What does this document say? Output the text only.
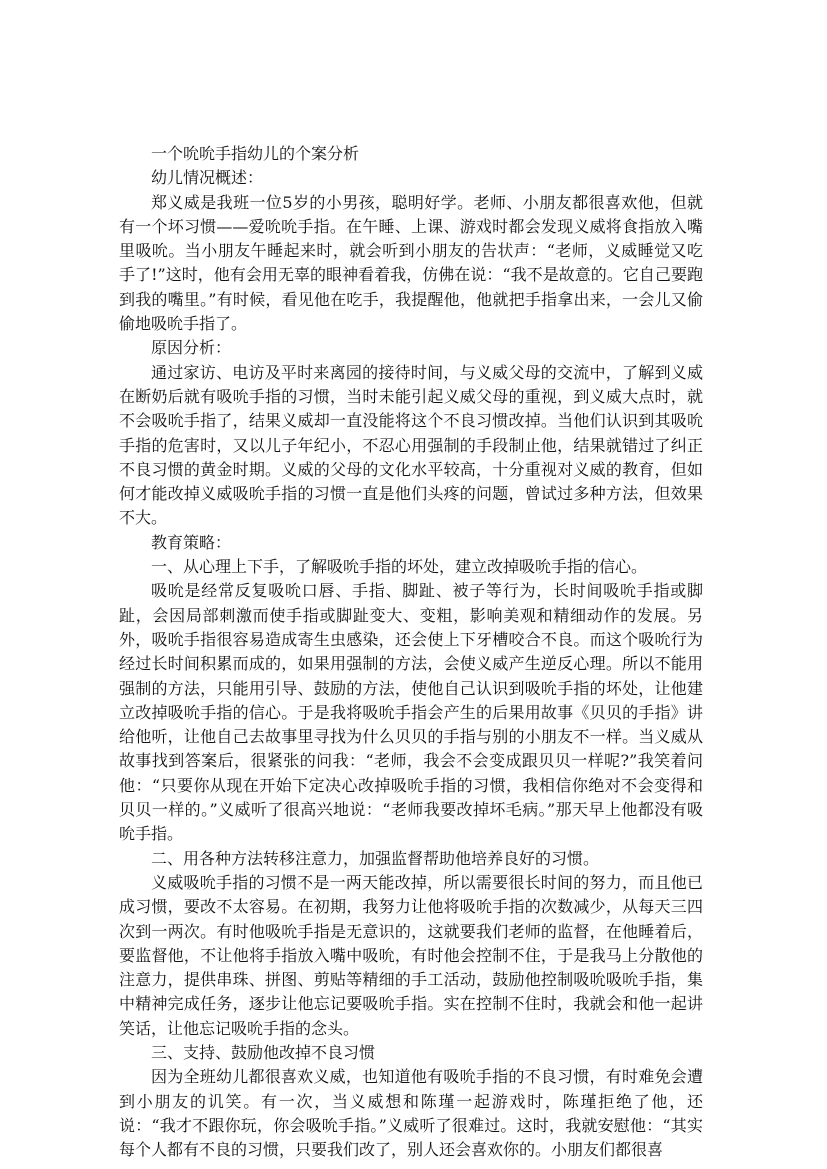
一个吮吮手指幼儿的个案分析

幼儿情况概述：

郑义威是我班一位5岁的小男孩，聪明好学。老师、小朋友都很喜欢他，但就有一个坏习惯——爱吮吮手指。在午睡、上课、游戏时都会发现义威将食指放入嘴里吸吮。当小朋友午睡起来时，就会听到小朋友的告状声：“老师，义威睡觉又吃手了!”这时，他有会用无辜的眼神看着我，仿佛在说：“我不是故意的。它自己要跑到我的嘴里。”有时候，看见他在吃手，我提醒他，他就把手指拿出来，一会儿又偷偷地吸吮手指了。

原因分析：

通过家访、电访及平时来离园的接待时间，与义威父母的交流中，了解到义威在断奶后就有吸吮手指的习惯，当时未能引起义威父母的重视，到义威大点时，就不会吸吮手指了，结果义威却一直没能将这个不良习惯改掉。当他们认识到其吸吮手指的危害时，又以儿子年纪小，不忍心用强制的手段制止他，结果就错过了纠正不良习惯的黄金时期。义威的父母的文化水平较高，十分重视对义威的教育，但如何才能改掉义威吸吮手指的习惯一直是他们头疼的问题，曾试过多种方法，但效果不大。

教育策略：

一、从心理上下手，了解吸吮手指的坏处，建立改掉吸吮手指的信心。

吸吮是经常反复吸吮口唇、手指、脚趾、被子等行为，长时间吸吮手指或脚趾，会因局部刺激而使手指或脚趾变大、变粗，影响美观和精细动作的发展。另外，吸吮手指很容易造成寄生虫感染，还会使上下牙槽咬合不良。而这个吸吮行为经过长时间积累而成的，如果用强制的方法，会使义威产生逆反心理。所以不能用强制的方法，只能用引导、鼓励的方法，使他自己认识到吸吮手指的坏处，让他建立改掉吸吮手指的信心。于是我将吸吮手指会产生的后果用故事《贝贝的手指》讲给他听，让他自己去故事里寻找为什么贝贝的手指与别的小朋友不一样。当义威从故事找到答案后，很紧张的问我：“老师，我会不会变成跟贝贝一样呢?”我笑着问他：“只要你从现在开始下定决心改掉吸吮手指的习惯，我相信你绝对不会变得和贝贝一样的。”义威听了很高兴地说：“老师我要改掉坏毛病。”那天早上他都没有吸吮手指。

二、用各种方法转移注意力，加强监督帮助他培养良好的习惯。

义威吸吮手指的习惯不是一两天能改掉，所以需要很长时间的努力，而且他已成习惯，要改不太容易。在初期，我努力让他将吸吮手指的次数减少，从每天三四次到一两次。有时他吸吮手指是无意识的，这就要我们老师的监督，在他睡着后，要监督他，不让他将手指放入嘴中吸吮，有时他会控制不住，于是我马上分散他的注意力，提供串珠、拼图、剪贴等精细的手工活动，鼓励他控制吸吮吸吮手指，集中精神完成任务，逐步让他忘记要吸吮手指。实在控制不住时，我就会和他一起讲笑话，让他忘记吸吮手指的念头。

三、支持、鼓励他改掉不良习惯

因为全班幼儿都很喜欢义威，也知道他有吸吮手指的不良习惯，有时难免会遭到小朋友的讥笑。有一次，当义威想和陈瑾一起游戏时，陈瑾拒绝了他，还说：“我才不跟你玩，你会吸吮手指。”义威听了很难过。这时，我就安慰他：“其实每个人都有不良的习惯，只要我们改了，别人还会喜欢你的。小朋友们都很喜
